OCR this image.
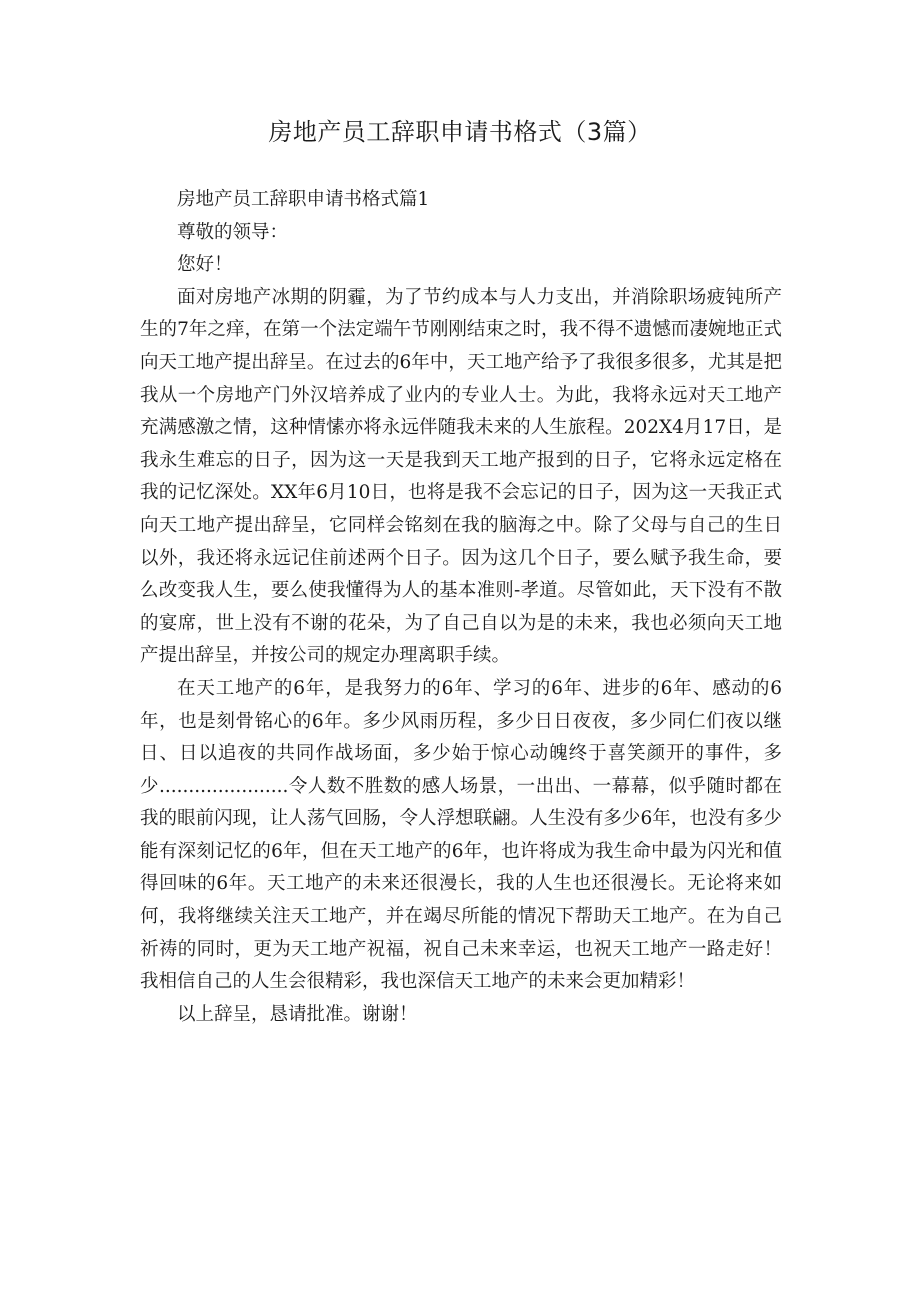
房地产员工辞职申请书格式（3篇）

房地产员工辞职申请书格式篇1

尊敬的领导：

您好！

面对房地产冰期的阴霾，为了节约成本与人力支出，并消除职场疲钝所产生的7年之痒，在第一个法定端午节刚刚结束之时，我不得不遗憾而凄婉地正式向天工地产提出辞呈。在过去的6年中，天工地产给予了我很多很多，尤其是把我从一个房地产门外汉培养成了业内的专业人士。为此，我将永远对天工地产充满感激之情，这种情愫亦将永远伴随我未来的人生旅程。202X4月17日，是我永生难忘的日子，因为这一天是我到天工地产报到的日子，它将永远定格在我的记忆深处。XX年6月10日，也将是我不会忘记的日子，因为这一天我正式向天工地产提出辞呈，它同样会铭刻在我的脑海之中。除了父母与自己的生日以外，我还将永远记住前述两个日子。因为这几个日子，要么赋予我生命，要么改变我人生，要么使我懂得为人的基本准则-孝道。尽管如此，天下没有不散的宴席，世上没有不谢的花朵，为了自己自以为是的未来，我也必须向天工地产提出辞呈，并按公司的规定办理离职手续。

在天工地产的6年，是我努力的6年、学习的6年、进步的6年、感动的6年，也是刻骨铭心的6年。多少风雨历程，多少日日夜夜，多少同仁们夜以继日、日以追夜的共同作战场面，多少始于惊心动魄终于喜笑颜开的事件，多少......................令人数不胜数的感人场景，一出出、一幕幕，似乎随时都在我的眼前闪现，让人荡气回肠，令人浮想联翩。人生没有多少6年，也没有多少能有深刻记忆的6年，但在天工地产的6年，也许将成为我生命中最为闪光和值得回味的6年。天工地产的未来还很漫长，我的人生也还很漫长。无论将来如何，我将继续关注天工地产，并在竭尽所能的情况下帮助天工地产。在为自己祈祷的同时，更为天工地产祝福，祝自己未来幸运，也祝天工地产一路走好！我相信自己的人生会很精彩，我也深信天工地产的未来会更加精彩！

以上辞呈，恳请批准。谢谢！
